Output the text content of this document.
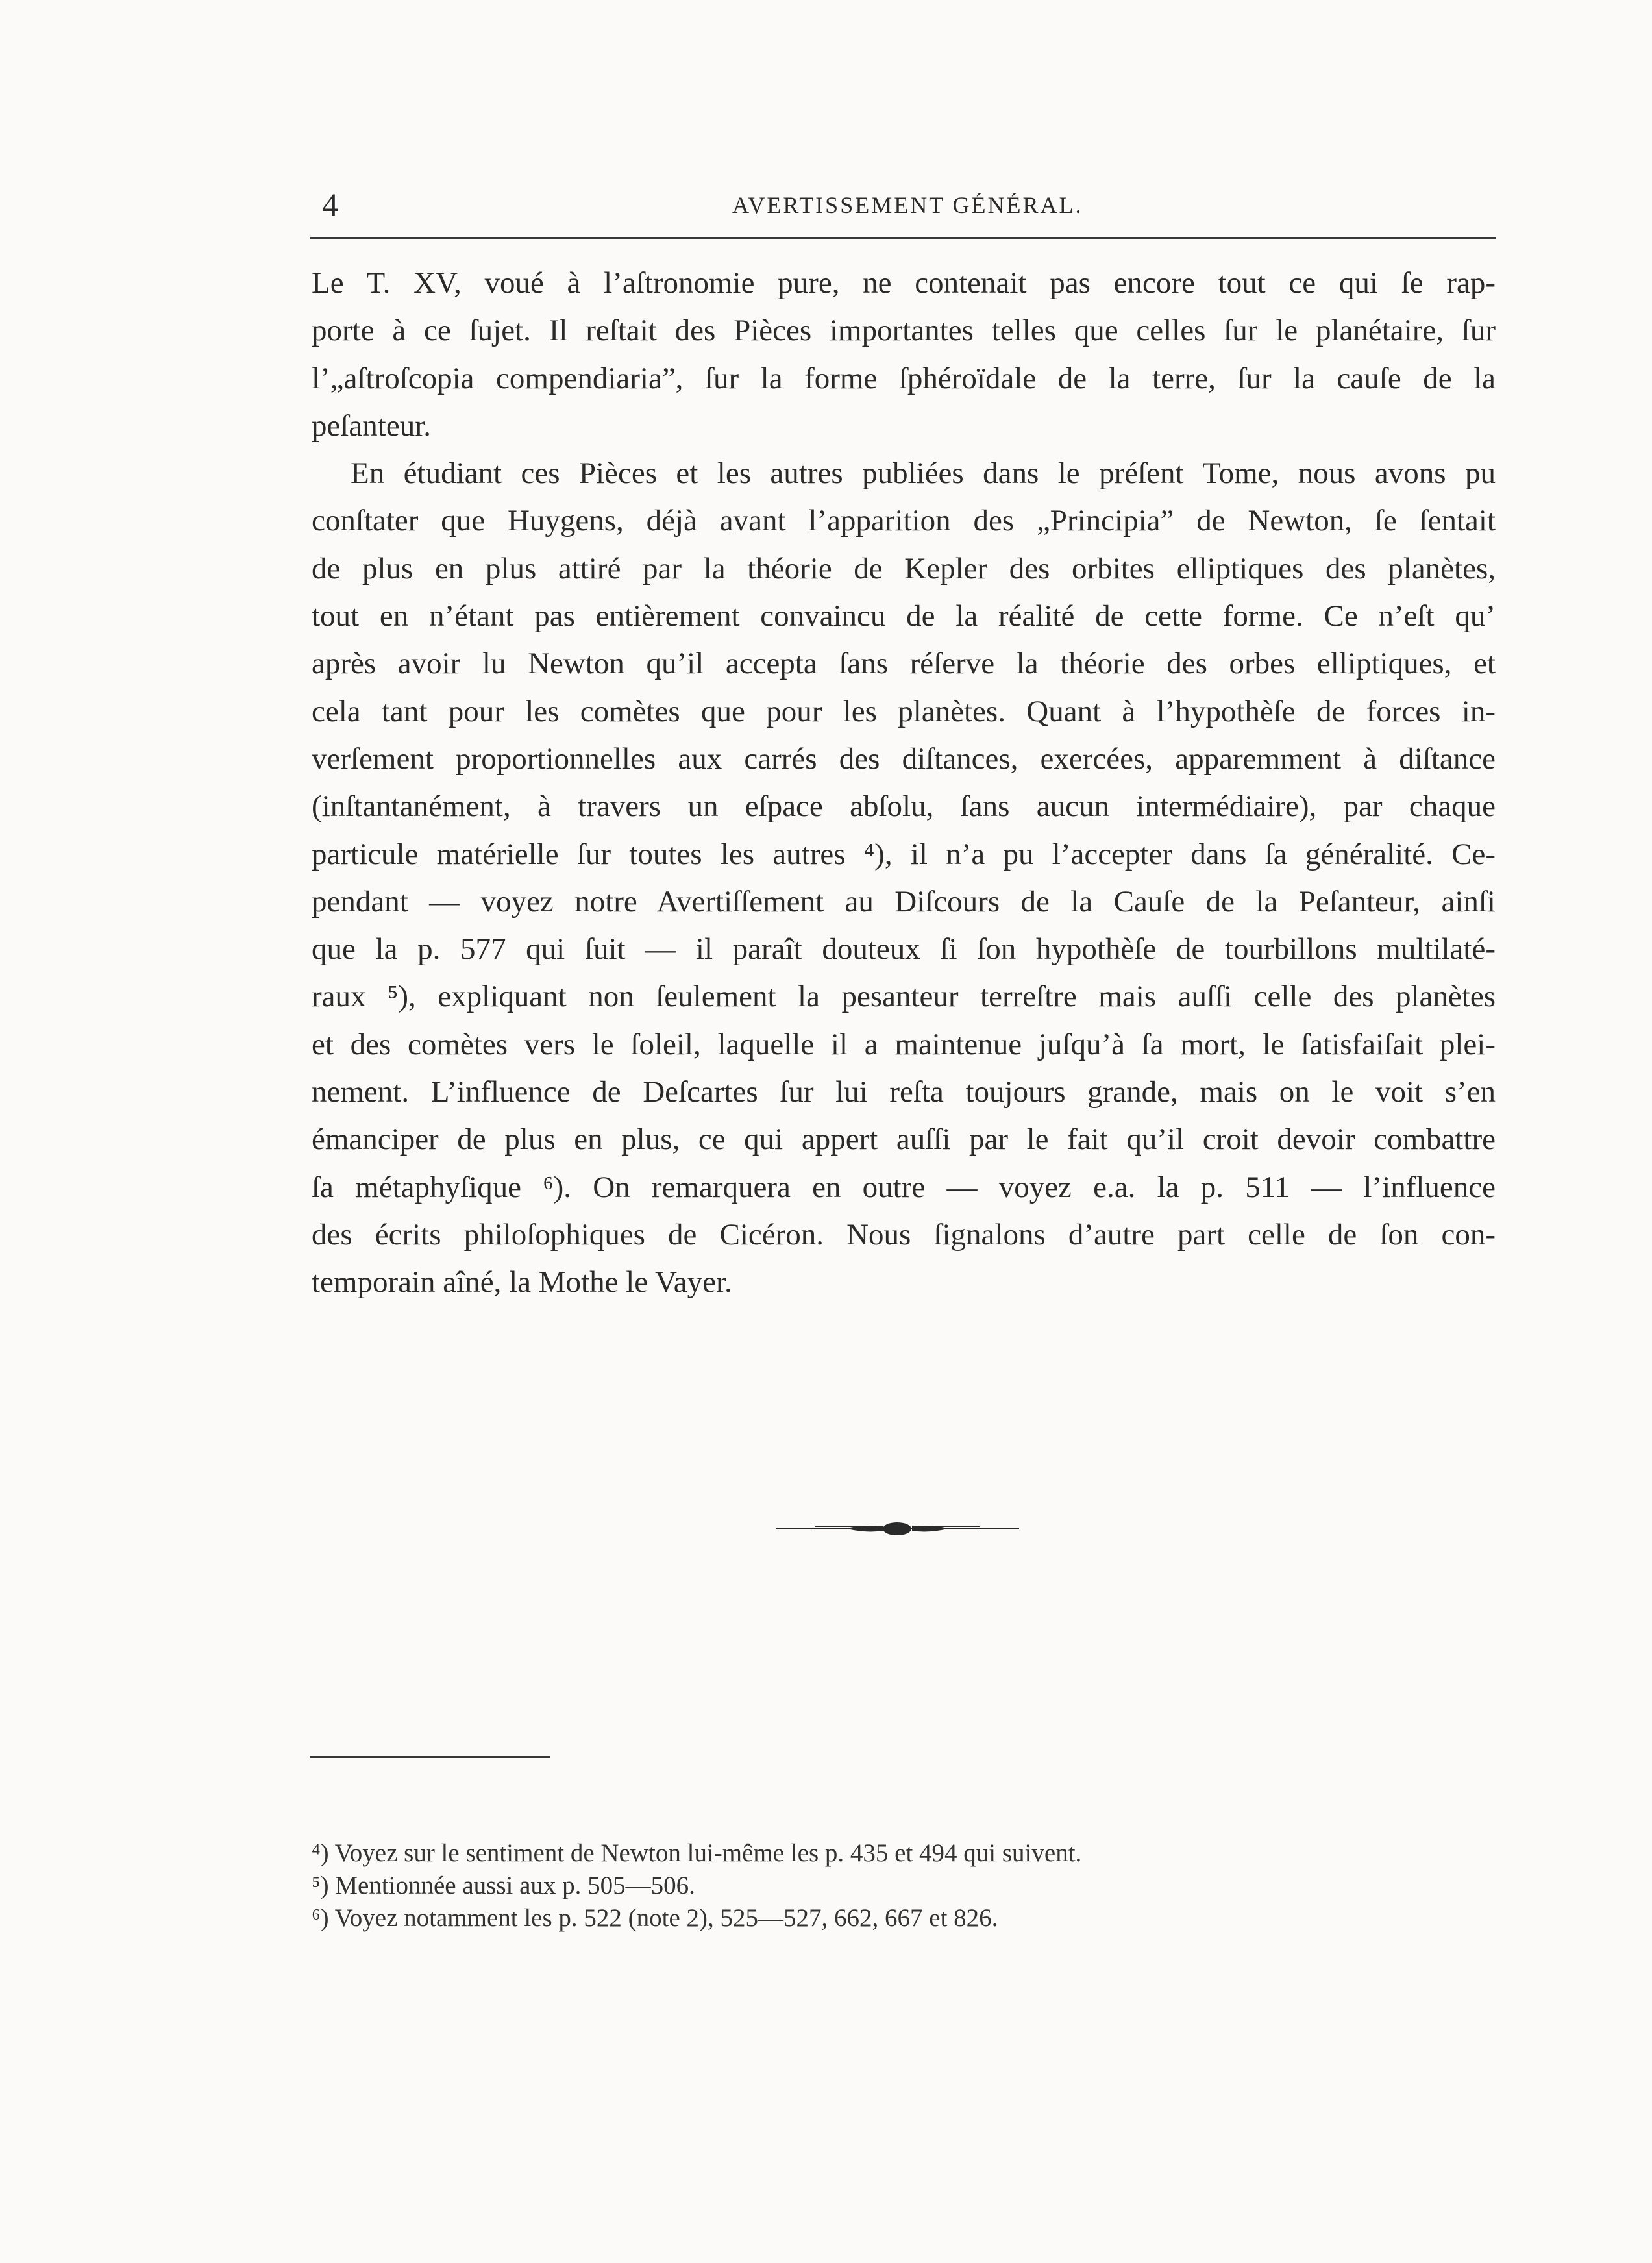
4	AVERTISSEMENT GÉNÉRAL.
Le T. XV, voué à l’aſtronomie pure, ne contenait pas encore tout ce qui ſe rap-
porte à ce ſujet. Il reſtait des Pièces importantes telles que celles ſur le planétaire, ſur
l’„aſtroſcopia compendiaria”, ſur la forme ſphéroïdale de la terre, ſur la cauſe de la
peſanteur.
En étudiant ces Pièces et les autres publiées dans le préſent Tome, nous avons pu
conſtater que Huygens, déjà avant l’apparition des „Principia” de Newton, ſe ſentait
de plus en plus attiré par la théorie de Kepler des orbites elliptiques des planètes,
tout en n’étant pas entièrement convaincu de la réalité de cette forme. Ce n’eſt qu’
après avoir lu Newton qu’il accepta ſans réſerve la théorie des orbes elliptiques, et
cela tant pour les comètes que pour les planètes. Quant à l’hypothèſe de forces in-
verſement proportionnelles aux carrés des diſtances, exercées, apparemment à diſtance
(inſtantanément, à travers un eſpace abſolu, ſans aucun intermédiaire), par chaque
particule matérielle ſur toutes les autres ⁴), il n’a pu l’accepter dans ſa généralité. Ce-
pendant — voyez notre Avertiſſement au Diſcours de la Cauſe de la Peſanteur, ainſi
que la p. 577 qui ſuit — il paraît douteux ſi ſon hypothèſe de tourbillons multilaté-
raux ⁵), expliquant non ſeulement la pesanteur terreſtre mais auſſi celle des planètes
et des comètes vers le ſoleil, laquelle il a maintenue juſqu’à ſa mort, le ſatisfaiſait plei-
nement. L’influence de Deſcartes ſur lui reſta toujours grande, mais on le voit s’en
émanciper de plus en plus, ce qui appert auſſi par le fait qu’il croit devoir combattre
ſa métaphyſique ⁶). On remarquera en outre — voyez e.a. la p. 511 — l’influence
des écrits philoſophiques de Cicéron. Nous ſignalons d’autre part celle de ſon con-
temporain aîné, la Mothe le Vayer.
⁴) Voyez sur le sentiment de Newton lui-même les p. 435 et 494 qui suivent.
⁵) Mentionnée aussi aux p. 505—506.
⁶) Voyez notamment les p. 522 (note 2), 525—527, 662, 667 et 826.
